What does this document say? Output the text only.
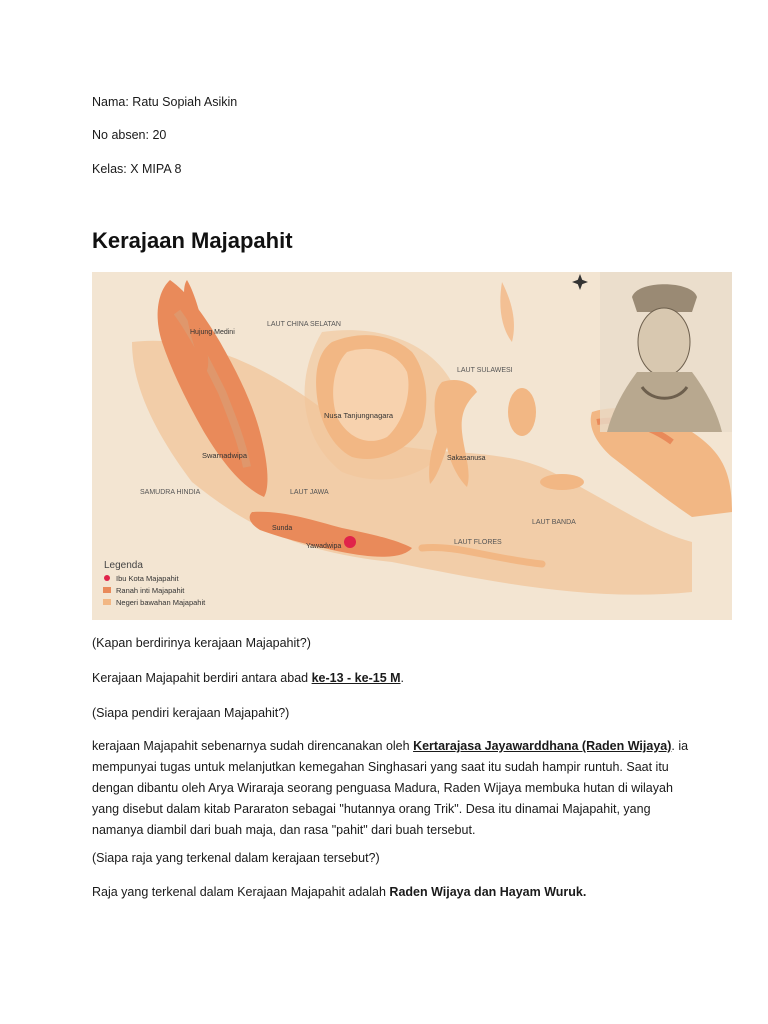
Nama: Ratu Sopiah Asikin
No absen: 20
Kelas: X MIPA 8
Kerajaan Majapahit
LAUT CHINA SELATAN
LAUT JAWA
LAUT SULAWESI
LAUT FLORES
LAUT BANDA
SAMUDRA HINDIA
Hujung Medini
Swarnadwipa
Nusa Tanjungnagara
Sakasanusa
Sunda
Yawadwipa
Legenda
Ibu Kota Majapahit
Ranah inti Majapahit
Negeri bawahan Majapahit
(Kapan berdirinya kerajaan Majapahit?)
Kerajaan Majapahit berdiri antara abad ke-13 - ke-15 M.
(Siapa pendiri kerajaan Majapahit?)
kerajaan Majapahit sebenarnya sudah direncanakan oleh Kertarajasa Jayawarddhana (Raden Wijaya). ia mempunyai tugas untuk melanjutkan kemegahan Singhasari yang saat itu sudah hampir runtuh. Saat itu dengan dibantu oleh Arya Wiraraja seorang penguasa Madura, Raden Wijaya membuka hutan di wilayah yang disebut dalam kitab Pararaton sebagai "hutannya orang Trik". Desa itu dinamai Majapahit, yang namanya diambil dari buah maja, dan rasa "pahit" dari buah tersebut.
(Siapa raja yang terkenal dalam kerajaan tersebut?)
Raja yang terkenal dalam Kerajaan Majapahit adalah Raden Wijaya dan Hayam Wuruk.
